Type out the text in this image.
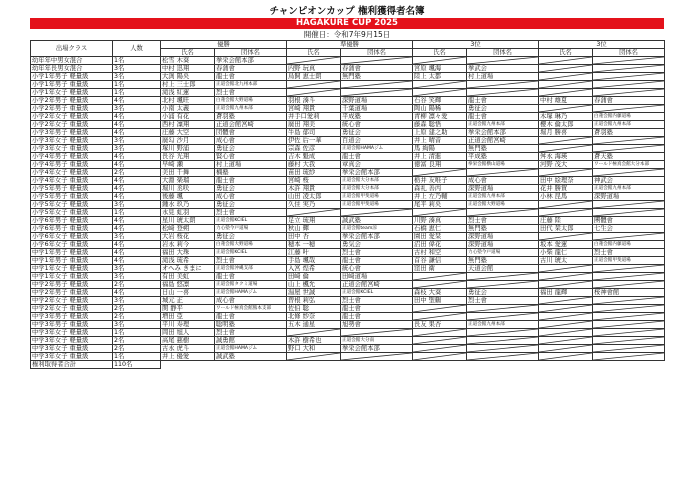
チャンピオンカップ 権利獲得者名簿
HAGAKURE CUP 2025
開催日：令和7年9月15日
出場クラス	人数	優勝		準優勝		3位		3位	
		氏名	団体名	氏名	団体名	氏名	団体名	氏名	団体名
幼年年中男女混合	1名	松雪 木葵	拳栄会館本部	

幼年年長男女混合	3名	中村 迅翔	春蒲會	内野 玩真	春蒲會	宮原 颯海	拳武会	

小学1年男子 軽量級	3名	大渕 陽央	龍士會	烏飼 恵士朗	無門塾	陸上 太都	村上道場	

小学1年男子 重量級	1名	村上 三士郎	正道会館北九州本部	

小学1年女子 軽量級	1名	滝浅 紅蓮	烈士會	

小学2年男子 軽量級	4名	北村 颯旺	白蓮会館大野道場	羽根 湊斗	深野道場	石谷 笑輝	龍士會	中村 雄夏	春蒲會
小学2年男子 重量級	3名	小南 太義	正道会館九州本部	宮崎 翔貴	千葉道場	陶山 陽稀	勇征会	

小学2年女子 軽量級	4名	小浦 有花	蒼羽塾	井手口愛莉	平成塾	青柳 凛々愛	龍士會	木塚 琳乃	白蓮会館内藤道場
小学2年女子 重量級	4名	西村 凜翔	正道会館宮崎	廣田 翔美	統心會	藤森 聡悟	正道会館九州本部	櫻木 倫太郎	正道会館九州本部
小学3年男子 軽量級	4名	庄藤 大空	団體會	牛島 郁司	勇征会	上原 建之助	拳栄会館本部	堀月 勝喜	蒼羽塾
小学3年女子 軽量級	3名	廣勾 沙月	成心會	伊佐 后一華	百道会	井上 晴音	正道会館宮崎	

小学3年女子 重量級	3名	塚川 野浦	勇征会	宗森 佐彦	正道会館HAMAジム	馬 絢陽	無門塾	

小学4年男子 軽量級	4名	長谷 光翔	賢心會	吉木 魁成	龍士會	井上 清進	平成塾	舛永 海瑛	蒼天塾
小学4年男子 重量級	4名	早崎 瀬	村上道場	藤村 大我	章真会	徳富 良翔	拳栄会館横山道場	河野 茂大	ワールド極真会館大分本部
小学4年女子 軽量級	2名	美田 千舞	楠塾	苗田 琉紗	拳栄会館本部	

小学4年女子 重量級	4名	大淵 楽瑠	龍士會	宮崎 桜	正道会館大分本部	栃井 友唯子	成心會	田中 絵理奈	神武会
小学5年男子 軽量級	4名	堀川 丞咲	勇征会	木許 翔貴	正道会館大分本部	森礼 善丙	深野道場	花井 勝賀	正道会館九州本部
小学5年男子 重量級	4名	後藤 颯	成心會	山田 凌太郎	正道会館甲斐道場	井上 左乃輔	正道会館九州本部	小林 昆馬	深野道場
小学5年女子 軽量級	3名	鍾水 玖乃	勇征会	久住 実乃	正道会館甲斐道場	尾平 莉央	正道会館大野道場	

小学5年女子 重量級	1名	永見 虹羽	烈士會	

小学6年男子 軽量級	4名	星川 琥太朗	正道会館KCIEL	足立 琉翔	誠武塾	川野 湊真	烈士會	庄藤 陸	團體會
小学6年男子 重量級	4名	松﨑 登朔	力心塾今戸道場	秋山 輝	正道会館team涼	石橋 恵仁	無門塾	田代 栞太郎	七生会
小学6年女子 軽量級	3名	大岩 桜花	勇征会	田中 杏	拳栄会館本部	園田 愛栞	深野道場	

小学6年女子 重量級	4名	岩永 莉今	白蓮会館大野道場	穂本 一穂	勇気会	沼田 偉花	深野道場	坂本 愛蓮	白蓮会館内藤道場
中学1年男子 軽量級	4名	福田 大珠	正道会館KCIEL	江藤 叶	烈士會	古村 和空	力心塾今戸道場	小柴 龍仁	烈士會
中学1年男子 重量級	4名	滝浅 琉希	烈士會	手島 颯哉	龍士會	首谷 謙信	無門塾	古川 琥太	正道会館甲斐道場
中学1年女子 軽量級	3名	オへみ きまに	正道会館沖縄支部	入宮 煌希	統心會	窪田 衛	天道会館	

中学1年女子 重量級	3名	有田 美虹	龍士會	田﨑 倫	田﨑道場	

中学2年男子 軽量級	2名	福島 悠凛	正道会館タクミ道場	山上 楓允	正道会館宮崎	

中学2年男子 重量級	4名	日山 一喜	正道会館HAMAジム	湯屋 世誠	正道会館KCIEL	森枝 大葵	勇征会	福田 龍輝	桜神會館
中学2年女子 軽量級	3名	城元 正	成心會	曽根 莉弘	烈士會	田中 聖鶴	烈士會	

中学2年女子 重量級	2名	関 静平	ワールド極真会館熊本支部	佐伯 聡	龍士會	

中学3年男子 軽量級	2名	増田 亞	龍士會	北條 紗奈	龍士會	

中学3年男子 重量級	3名	平川 寿理	聡明塾	五木 通星	旭勢會	長友 果杏	正道会館九州本部	

中学3年女子 軽量級	1名	岡田 旭人	烈士會	

中学3年女子 軽量級	2名	高尾 慈樹	誠勇館	木許 樹希也	正道会館大分南	

中学3年女子 重量級	2名	古永 虎斗	正道会館HAMAジム	野口 大和	拳栄会館本部	

中学3年女子 重量級	1名	井上 優愛	誠武塾	

権利取得者合計	110名								
